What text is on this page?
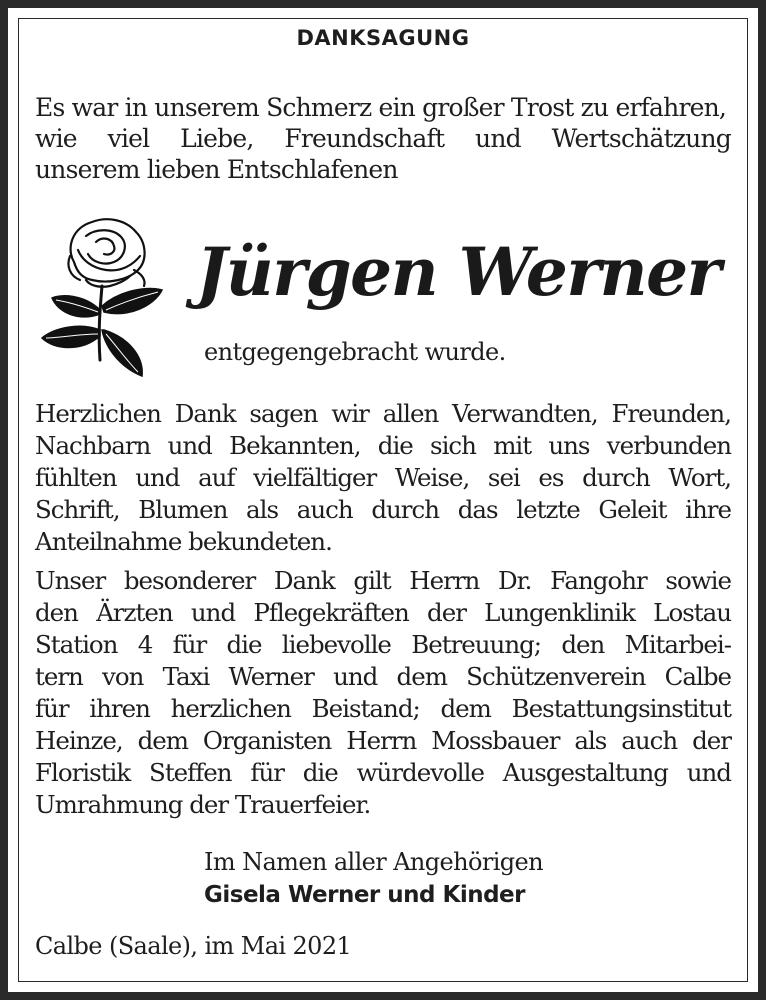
DANKSAGUNG
Es war in unserem Schmerz ein großer Trost zu erfahren,
wie viel Liebe, Freundschaft und Wertschätzung
unserem lieben Entschlafenen
Jürgen Werner
entgegengebracht wurde.
Herzlichen Dank sagen wir allen Verwandten, Freunden,
Nachbarn und Bekannten, die sich mit uns verbunden
fühlten und auf vielfältiger Weise, sei es durch Wort,
Schrift, Blumen als auch durch das letzte Geleit ihre
Anteilnahme bekundeten.
Unser besonderer Dank gilt Herrn Dr. Fangohr sowie
den Ärzten und Pflegekräften der Lungenklinik Lostau
Station 4 für die liebevolle Betreuung; den Mitarbei-
tern von Taxi Werner und dem Schützenverein Calbe
für ihren herzlichen Beistand; dem Bestattungsinstitut
Heinze, dem Organisten Herrn Mossbauer als auch der
Floristik Steffen für die würdevolle Ausgestaltung und
Umrahmung der Trauerfeier.
Im Namen aller Angehörigen
Gisela Werner und Kinder
Calbe (Saale), im Mai 2021
